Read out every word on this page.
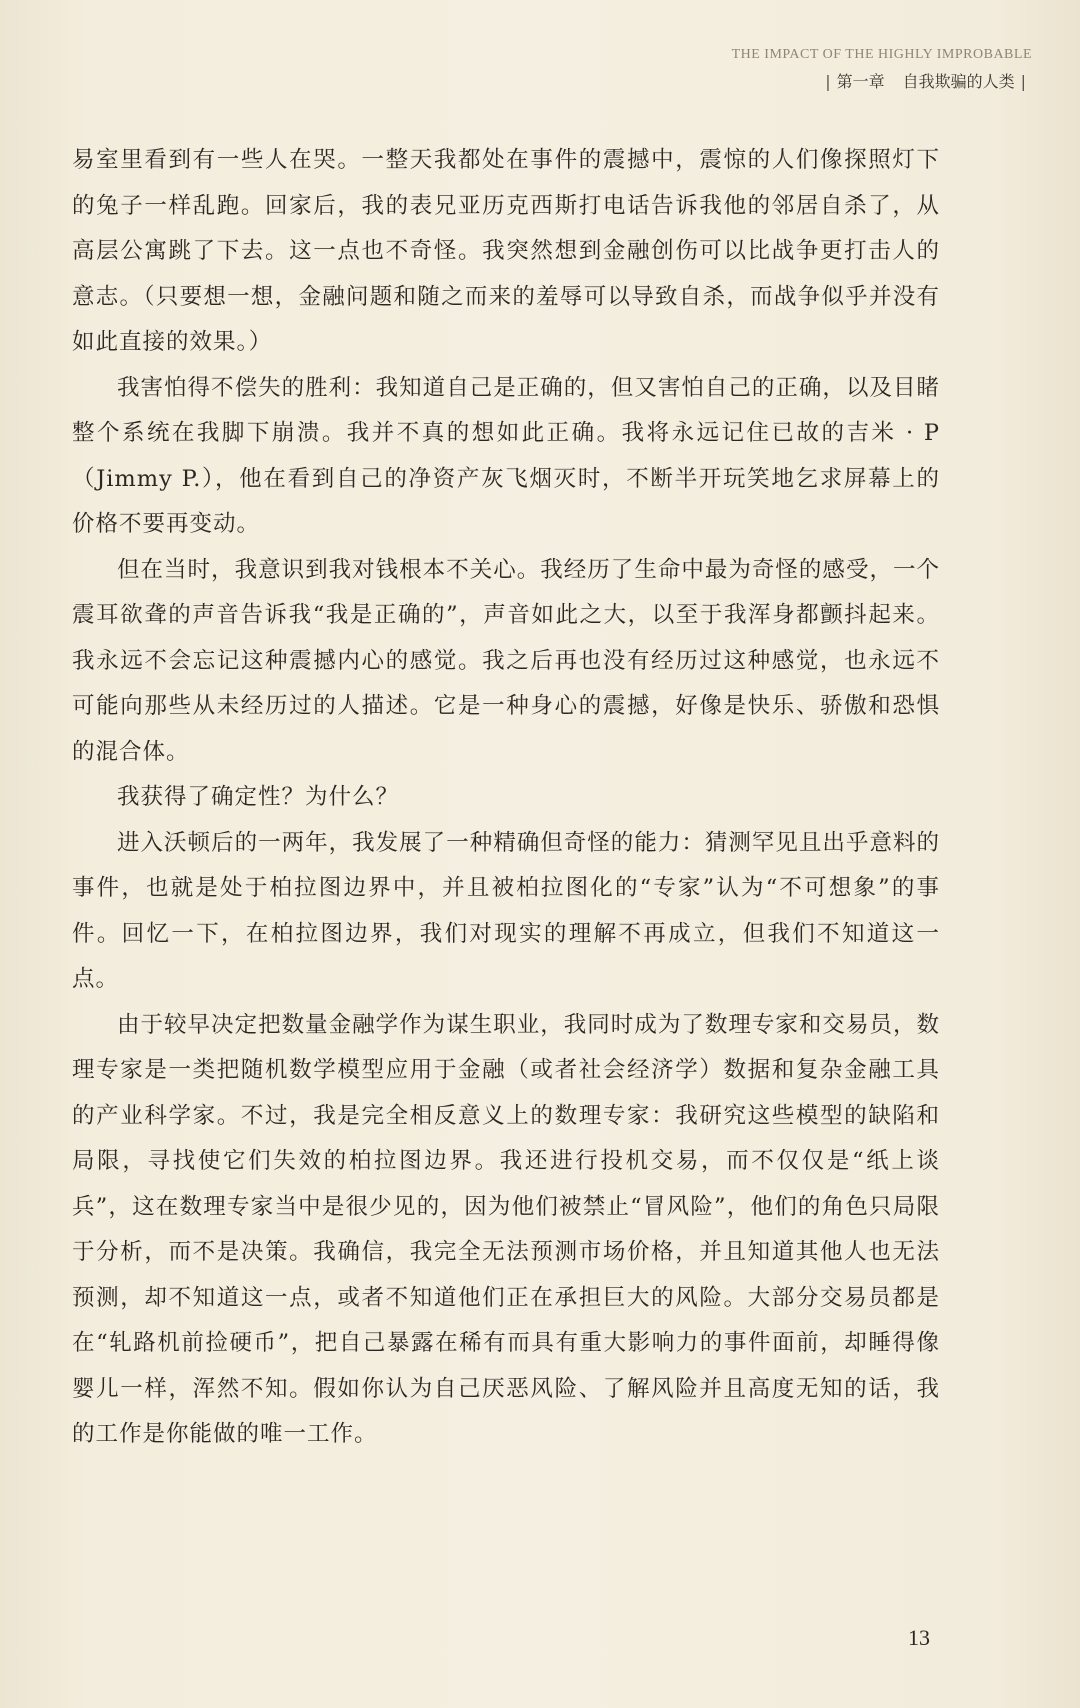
THE IMPACT OF THE HIGHLY IMPROBABLE
| 第一章 自我欺骗的人类 |

易室里看到有一些人在哭。一整天我都处在事件的震撼中，震惊的人们像探照灯下的兔子一样乱跑。回家后，我的表兄亚历克西斯打电话告诉我他的邻居自杀了，从高层公寓跳了下去。这一点也不奇怪。我突然想到金融创伤可以比战争更打击人的意志。（只要想一想，金融问题和随之而来的羞辱可以导致自杀，而战争似乎并没有如此直接的效果。）

我害怕得不偿失的胜利：我知道自己是正确的，但又害怕自己的正确，以及目睹整个系统在我脚下崩溃。我并不真的想如此正确。我将永远记住已故的吉米 · P（Jimmy P.），他在看到自己的净资产灰飞烟灭时，不断半开玩笑地乞求屏幕上的价格不要再变动。

但在当时，我意识到我对钱根本不关心。我经历了生命中最为奇怪的感受，一个震耳欲聋的声音告诉我“我是正确的”，声音如此之大，以至于我浑身都颤抖起来。我永远不会忘记这种震撼内心的感觉。我之后再也没有经历过这种感觉，也永远不可能向那些从未经历过的人描述。它是一种身心的震撼，好像是快乐、骄傲和恐惧的混合体。

我获得了确定性？为什么？

进入沃顿后的一两年，我发展了一种精确但奇怪的能力：猜测罕见且出乎意料的事件，也就是处于柏拉图边界中，并且被柏拉图化的“专家”认为“不可想象”的事件。回忆一下，在柏拉图边界，我们对现实的理解不再成立，但我们不知道这一点。

由于较早决定把数量金融学作为谋生职业，我同时成为了数理专家和交易员，数理专家是一类把随机数学模型应用于金融（或者社会经济学）数据和复杂金融工具的产业科学家。不过，我是完全相反意义上的数理专家：我研究这些模型的缺陷和局限，寻找使它们失效的柏拉图边界。我还进行投机交易，而不仅仅是“纸上谈兵”，这在数理专家当中是很少见的，因为他们被禁止“冒风险”，他们的角色只局限于分析，而不是决策。我确信，我完全无法预测市场价格，并且知道其他人也无法预测，却不知道这一点，或者不知道他们正在承担巨大的风险。大部分交易员都是在“轧路机前捡硬币”，把自己暴露在稀有而具有重大影响力的事件面前，却睡得像婴儿一样，浑然不知。假如你认为自己厌恶风险、了解风险并且高度无知的话，我的工作是你能做的唯一工作。

13
